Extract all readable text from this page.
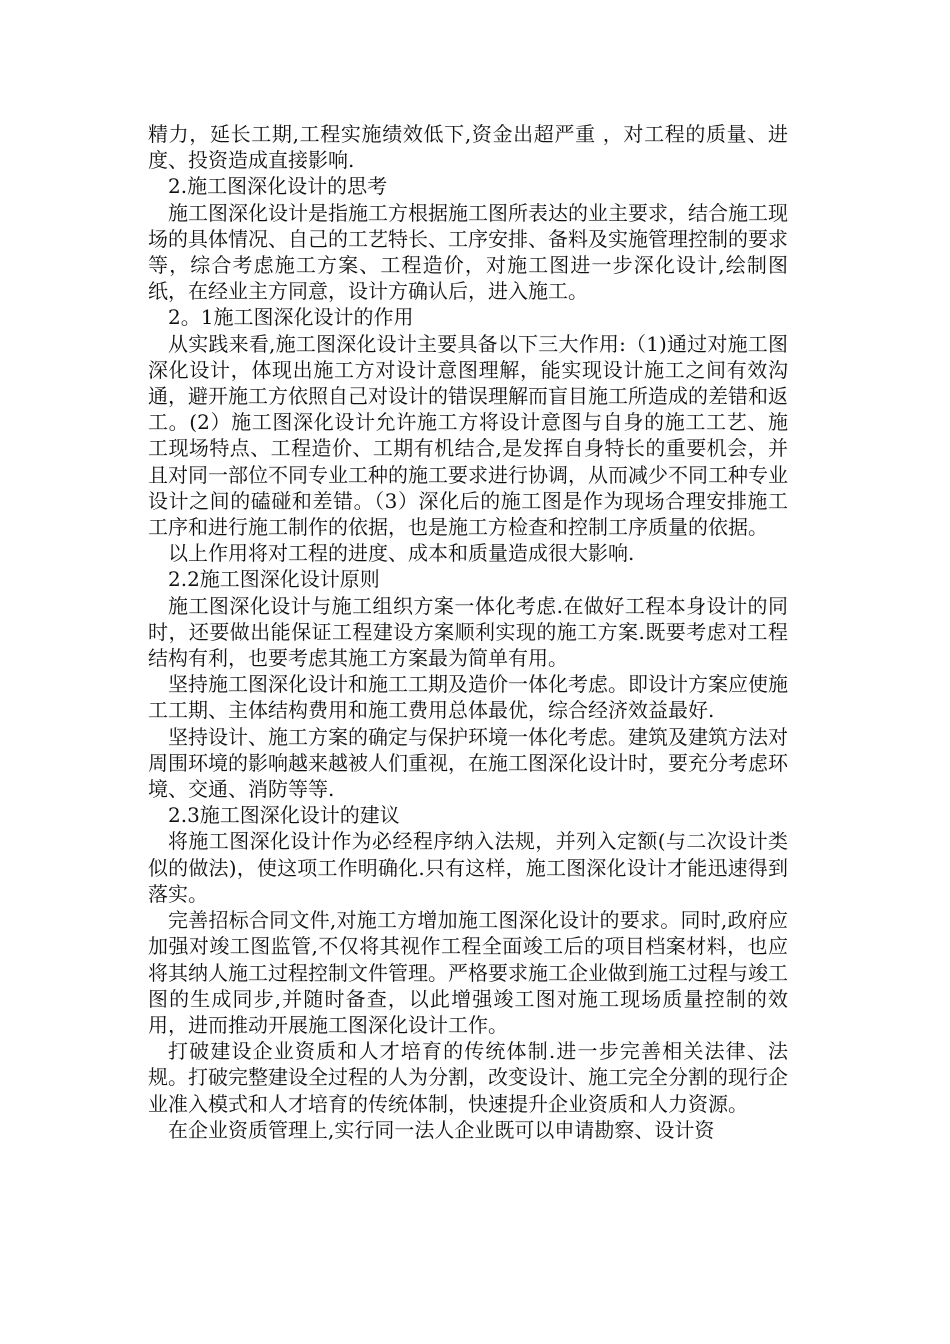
精力，延长工期,工程实施绩效低下,资金出超严重 ，对工程的质量、进度、投资造成直接影响.

2.施工图深化设计的思考

施工图深化设计是指施工方根据施工图所表达的业主要求，结合施工现场的具体情况、自己的工艺特长、工序安排、备料及实施管理控制的要求等，综合考虑施工方案、工程造价，对施工图进一步深化设计,绘制图纸，在经业主方同意，设计方确认后，进入施工。

2。1施工图深化设计的作用

从实践来看,施工图深化设计主要具备以下三大作用:（1)通过对施工图深化设计，体现出施工方对设计意图理解，能实现设计施工之间有效沟通，避开施工方依照自己对设计的错误理解而盲目施工所造成的差错和返工。(2）施工图深化设计允许施工方将设计意图与自身的施工工艺、施工现场特点、工程造价、工期有机结合,是发挥自身特长的重要机会，并且对同一部位不同专业工种的施工要求进行协调，从而减少不同工种专业设计之间的磕碰和差错。（3）深化后的施工图是作为现场合理安排施工工序和进行施工制作的依据，也是施工方检查和控制工序质量的依据。

以上作用将对工程的进度、成本和质量造成很大影响.

2.2施工图深化设计原则

施工图深化设计与施工组织方案一体化考虑.在做好工程本身设计的同时，还要做出能保证工程建设方案顺利实现的施工方案.既要考虑对工程结构有利，也要考虑其施工方案最为简单有用。

坚持施工图深化设计和施工工期及造价一体化考虑。即设计方案应使施工工期、主体结构费用和施工费用总体最优，综合经济效益最好.

坚持设计、施工方案的确定与保护环境一体化考虑。建筑及建筑方法对周围环境的影响越来越被人们重视，在施工图深化设计时，要充分考虑环境、交通、消防等等.

2.3施工图深化设计的建议

将施工图深化设计作为必经程序纳入法规，并列入定额(与二次设计类似的做法)，使这项工作明确化.只有这样，施工图深化设计才能迅速得到落实。

完善招标合同文件,对施工方增加施工图深化设计的要求。同时,政府应加强对竣工图监管,不仅将其视作工程全面竣工后的项目档案材料，也应将其纳人施工过程控制文件管理。严格要求施工企业做到施工过程与竣工图的生成同步,并随时备查，以此增强竣工图对施工现场质量控制的效用，进而推动开展施工图深化设计工作。

打破建设企业资质和人才培育的传统体制.进一步完善相关法律、法规。打破完整建设全过程的人为分割，改变设计、施工完全分割的现行企业准入模式和人才培育的传统体制，快速提升企业资质和人力资源。

在企业资质管理上,实行同一法人企业既可以申请勘察、设计资
